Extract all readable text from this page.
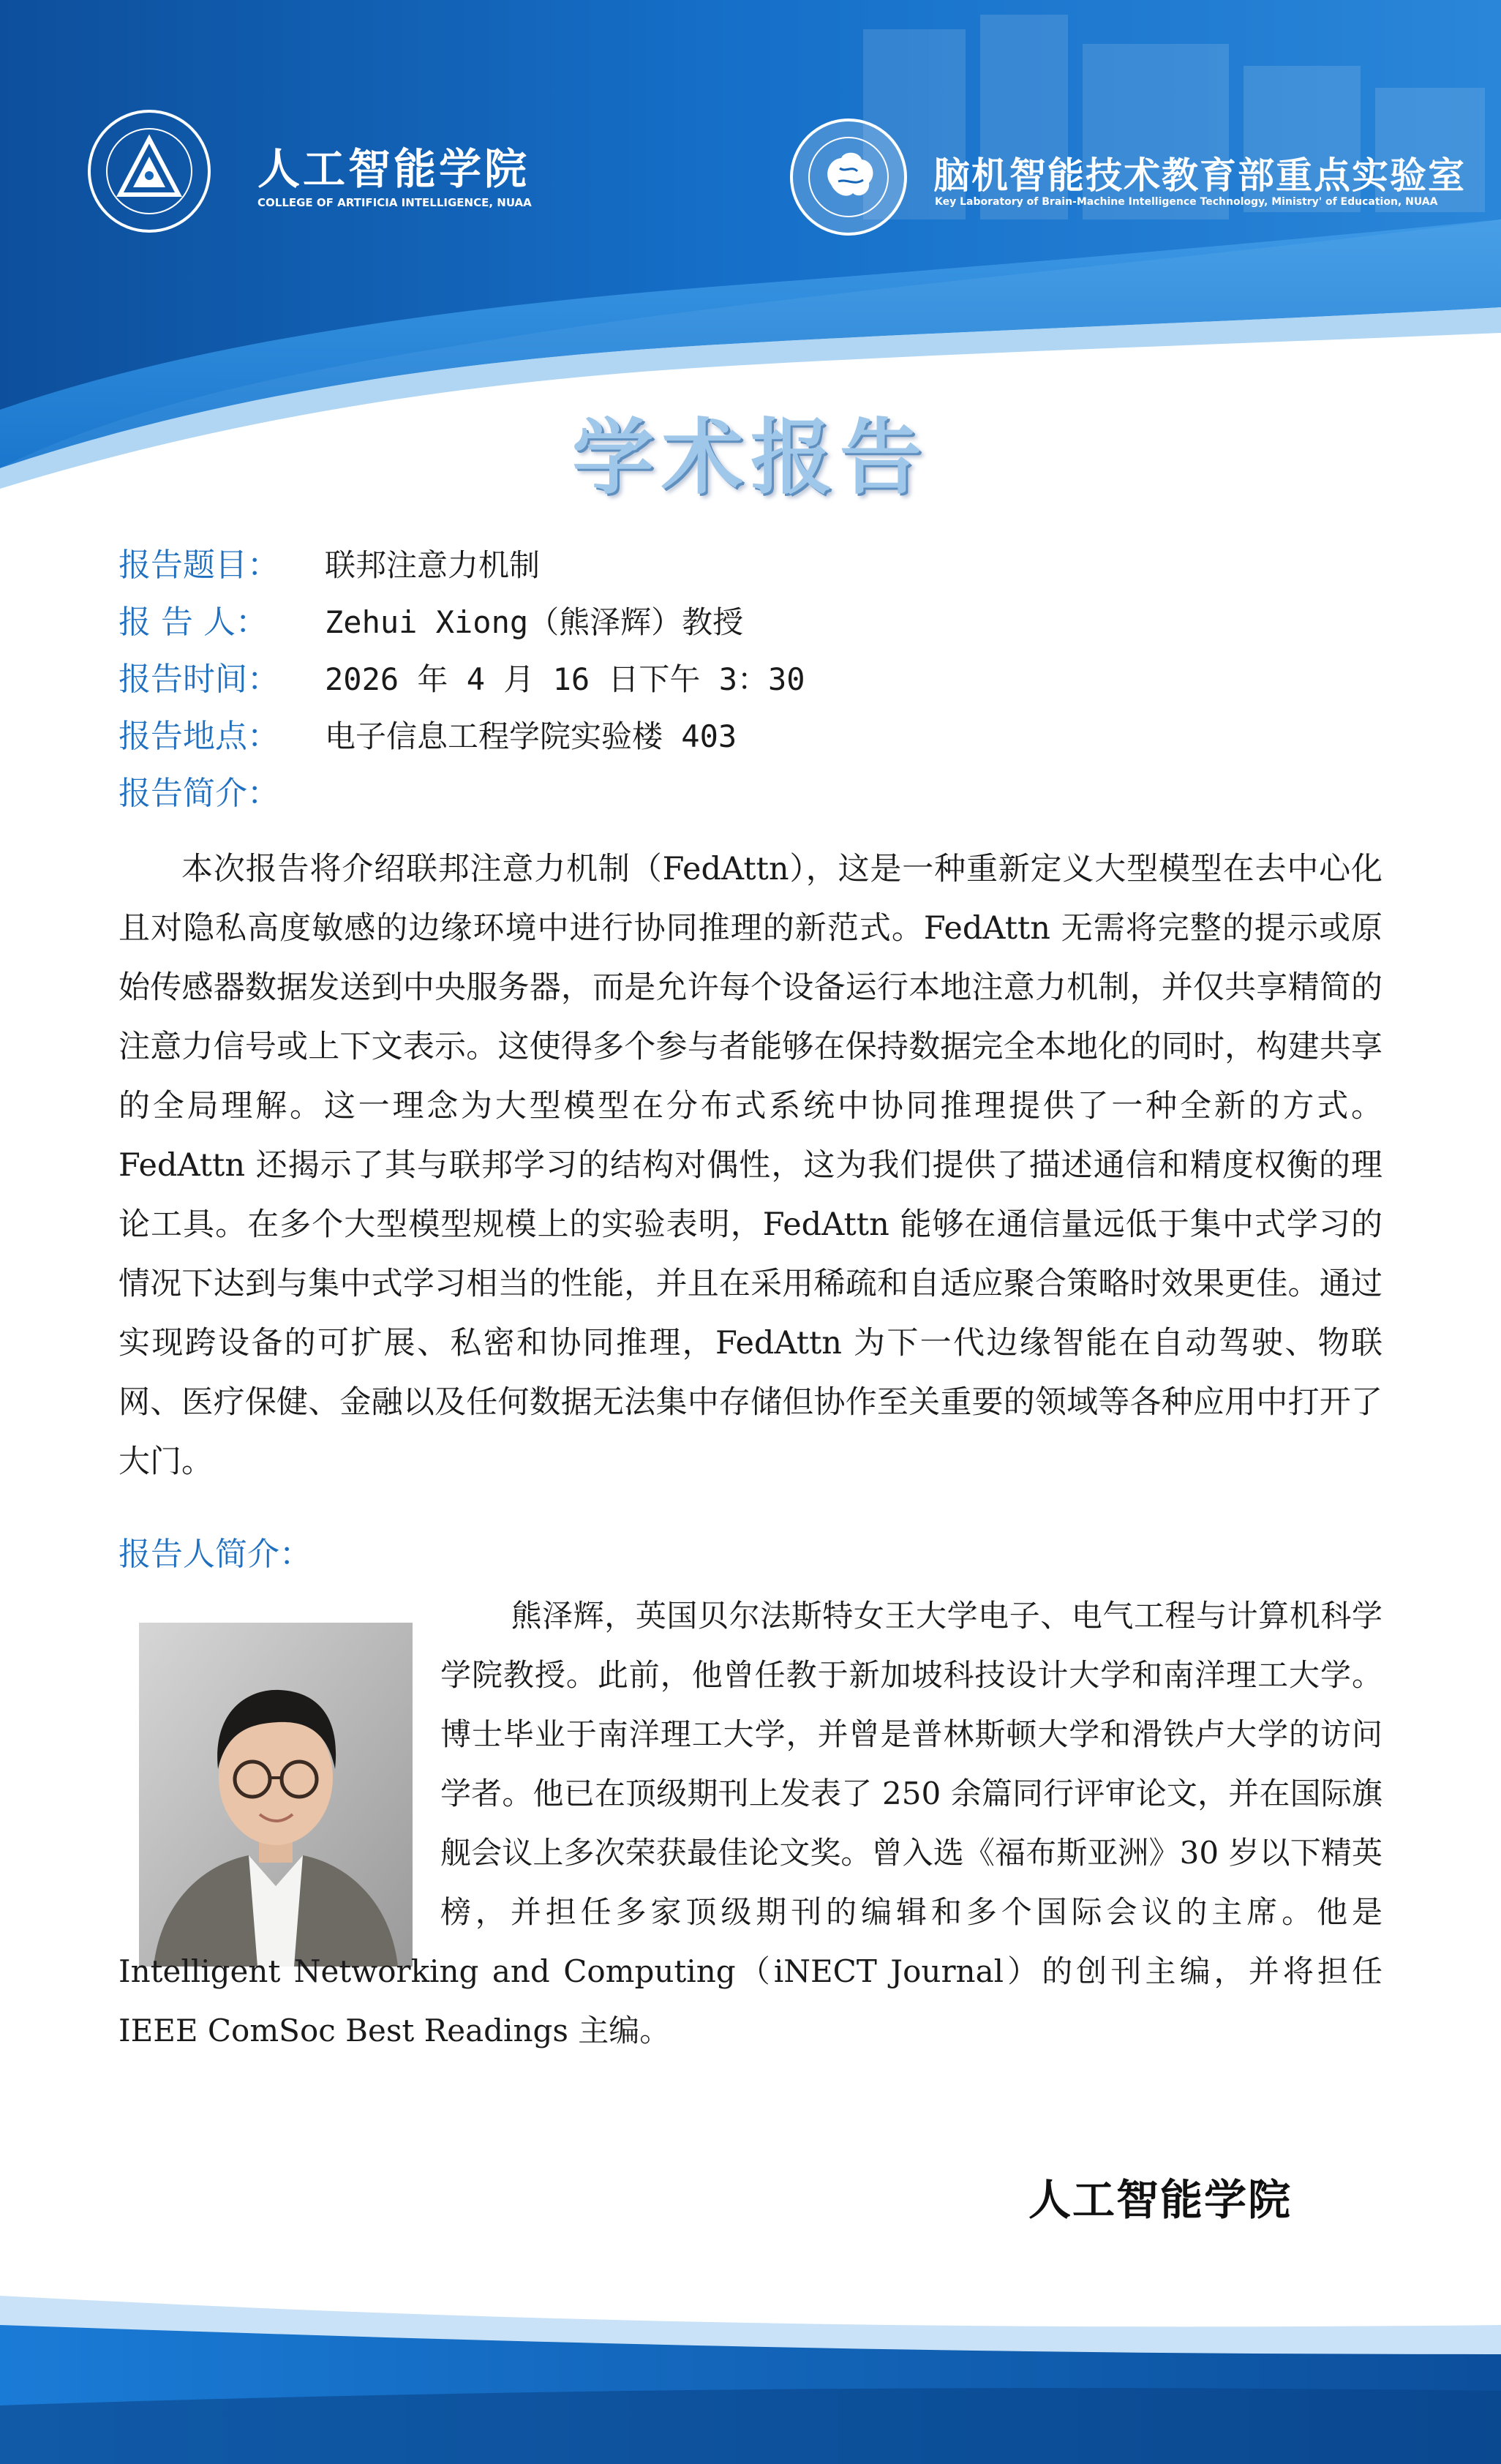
人工智能学院
COLLEGE OF ARTIFICIA INTELLIGENCE, NUAA
脑机智能技术教育部重点实验室
Key Laboratory of Brain-Machine Intelligence Technology, Ministry' of Education, NUAA
学术报告
报告题目： 联邦注意力机制
报 告 人： Zehui Xiong（熊泽辉）教授
报告时间： 2026 年 4 月 16 日下午 3：30
报告地点： 电子信息工程学院实验楼 403
报告简介：

本次报告将介绍联邦注意力机制（FedAttn），这是一种重新定义大型模型在去中心化且对隐私高度敏感的边缘环境中进行协同推理的新范式。FedAttn 无需将完整的提示或原始传感器数据发送到中央服务器，而是允许每个设备运行本地注意力机制，并仅共享精简的注意力信号或上下文表示。这使得多个参与者能够在保持数据完全本地化的同时，构建共享的全局理解。这一理念为大型模型在分布式系统中协同推理提供了一种全新的方式。FedAttn 还揭示了其与联邦学习的结构对偶性，这为我们提供了描述通信和精度权衡的理论工具。在多个大型模型规模上的实验表明，FedAttn 能够在通信量远低于集中式学习的情况下达到与集中式学习相当的性能，并且在采用稀疏和自适应聚合策略时效果更佳。通过实现跨设备的可扩展、私密和协同推理，FedAttn 为下一代边缘智能在自动驾驶、物联网、医疗保健、金融以及任何数据无法集中存储但协作至关重要的领域等各种应用中打开了大门。

报告人简介：

熊泽辉，英国贝尔法斯特女王大学电子、电气工程与计算机科学学院教授。此前，他曾任教于新加坡科技设计大学和南洋理工大学。博士毕业于南洋理工大学，并曾是普林斯顿大学和滑铁卢大学的访问学者。他已在顶级期刊上发表了 250 余篇同行评审论文，并在国际旗舰会议上多次荣获最佳论文奖。曾入选《福布斯亚洲》30 岁以下精英榜，并担任多家顶级期刊的编辑和多个国际会议的主席。他是 Intelligent Networking and Computing（iNECT Journal）的创刊主编，并将担任 IEEE ComSoc Best Readings 主编。

人工智能学院
